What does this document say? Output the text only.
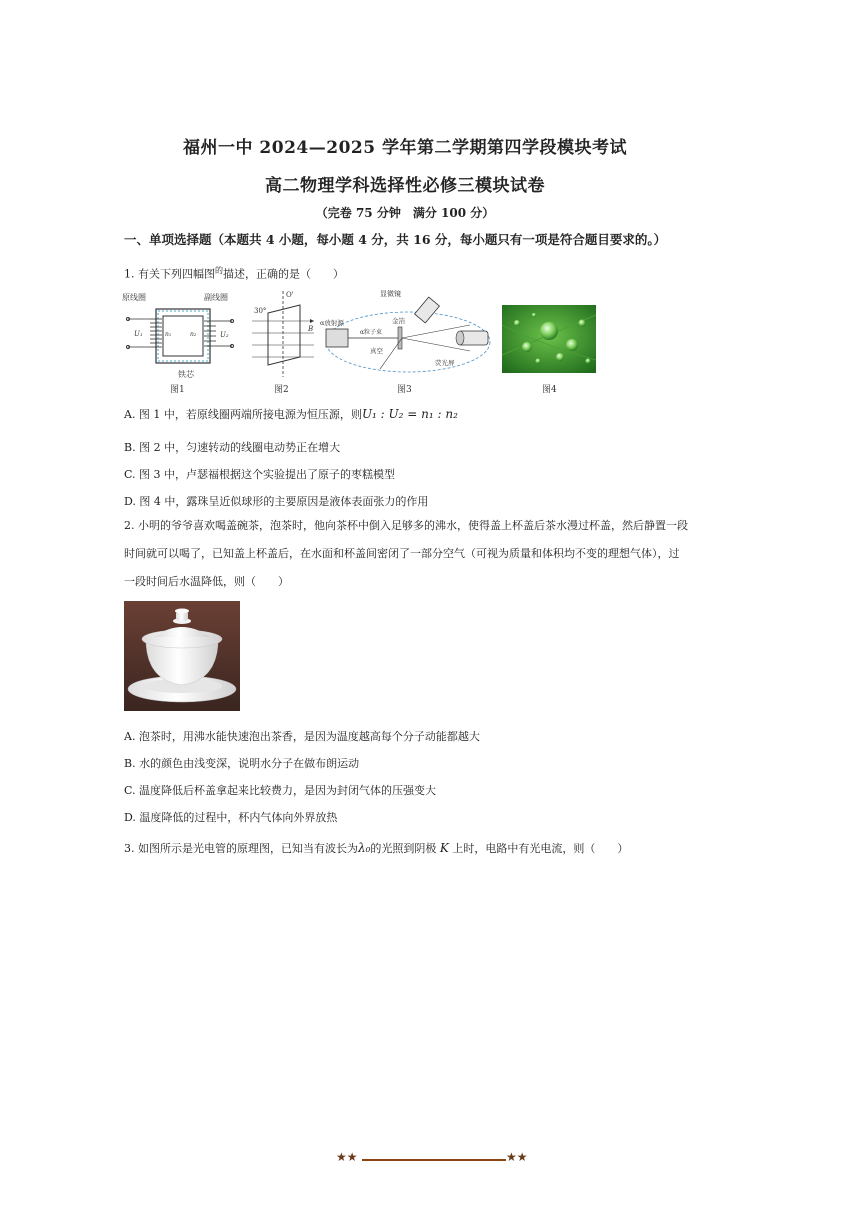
福州一中 2024—2025 学年第二学期第四学段模块考试
高二物理学科选择性必修三模块试卷
（完卷 75 分钟　满分 100 分）
一、单项选择题（本题共 4 小题，每小题 4 分，共 16 分，每小题只有一项是符合题目要求的。）
1. 有关下列四幅图$^的$描述，正确的是（　　）
原线圈	副线圈
铁芯
U₁	U₂
n₁	n₂
图1
O'
30°
B
图2
显微镜
α放射源	金箔
α粒子束
真空
荧光屏
图3	图4
A. 图 1 中，若原线圈两端所接电源为恒压源，则U₁ : U₂ = n₁ : n₂
B. 图 2 中，匀速转动的线圈电动势正在增大
C. 图 3 中，卢瑟福根据这个实验提出了原子的枣糕模型
D. 图 4 中，露珠呈近似球形的主要原因是液体表面张力的作用
2. 小明的爷爷喜欢喝盖碗茶，泡茶时，他向茶杯中倒入足够多的沸水，使得盖上杯盖后茶水漫过杯盖，然后静置一段时间就可以喝了，已知盖上杯盖后，在水面和杯盖间密闭了一部分空气（可视为质量和体积均不变的理想气体），过一段时间后水温降低，则（　　）
A. 泡茶时，用沸水能快速泡出茶香，是因为温度越高每个分子动能都越大
B. 水的颜色由浅变深，说明水分子在做布朗运动
C. 温度降低后杯盖拿起来比较费力，是因为封闭气体的压强变大
D. 温度降低的过程中，杯内气体向外界放热
3. 如图所示是光电管的原理图，已知当有波长为λ₀的光照到阴极 K 上时，电路中有光电流，则（　　）
★★	★★
